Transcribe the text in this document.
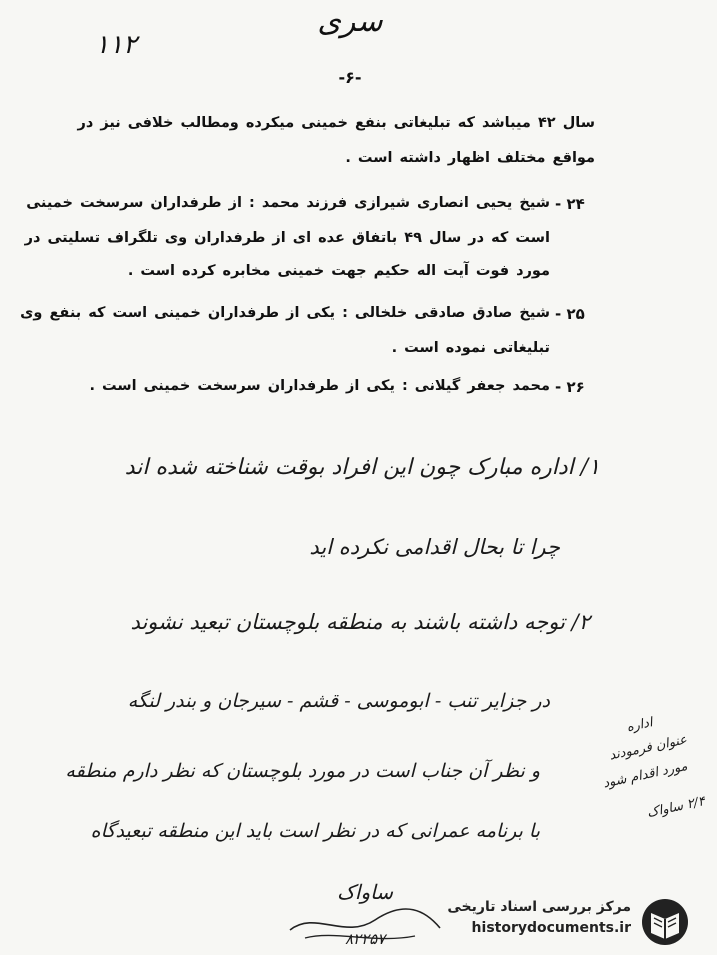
سری
۱۱۲
-۶-
سال ۴۲ میباشد که تبلیغاتی بنفع خمینی میکرده ومطالب خلافی نیز در
مواقع مختلف اظهار داشته است .
۲۴ -
شیخ یحیی انصاری شیرازی فرزند محمد : از طرفداران سرسخت خمینی
است که در سال ۴۹ باتفاق عده ای از طرفداران وی تلگراف تسلیتی در
مورد فوت آیت اله حکیم جهت خمینی مخابره کرده است .
۲۵ -
شیخ صادق صادقی خلخالی : یکی از طرفداران خمینی است که بنفع وی
تبلیغاتی نموده است .
۲۶ -
محمد جعفر گیلانی : یکی از طرفداران سرسخت خمینی است .
۱/ اداره مبارک چون این افراد بوقت شناخته شده اند
چرا تا بحال اقدامی نکرده اید
۲/ توجه داشته باشند به منطقه بلوچستان تبعید نشوند
در جزایر تنب - ابوموسی - قشم - سیرجان و بندر لنگه
و نظر آن جناب است در مورد بلوچستان که نظر دارم منطقه
با برنامه عمرانی که در نظر است باید این منطقه تبعیدگاه
اداره
عنوان فرمودند
مورد اقدام شود
۲/۴ ساواک
ساواک
۸۲۲۵۷
مرکز بررسی اسناد تاریخی
historydocuments.ir
